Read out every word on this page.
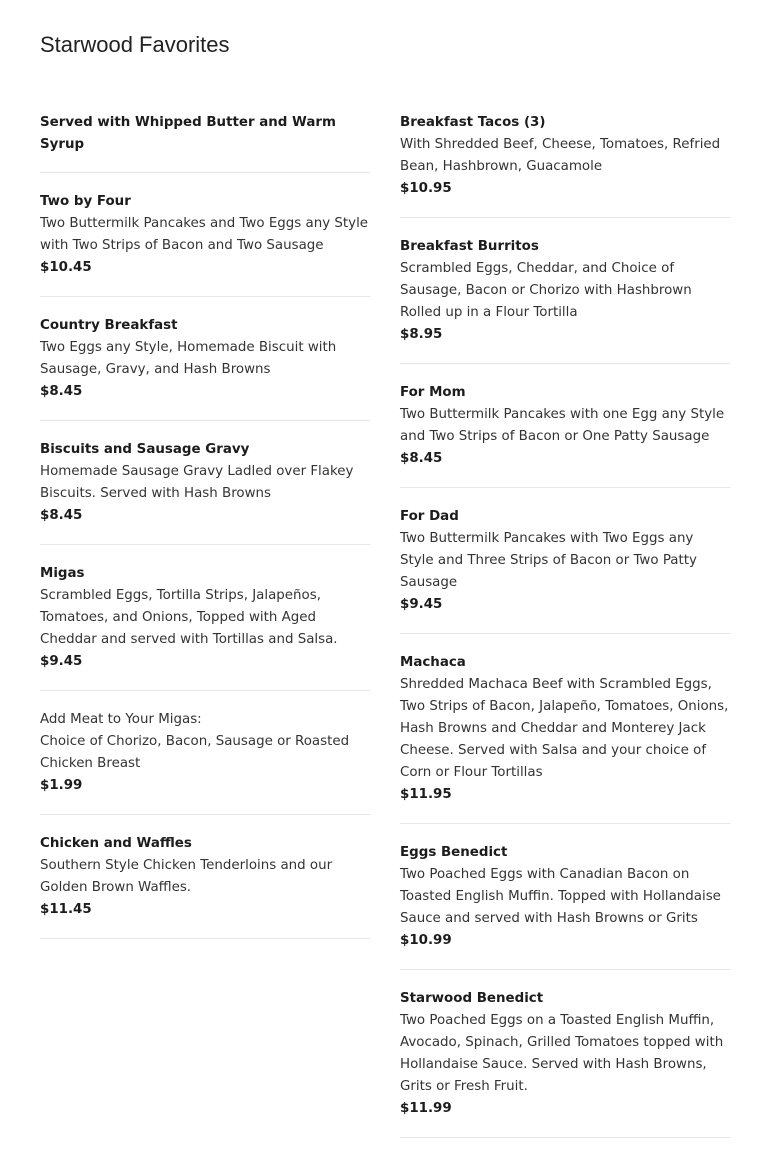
Starwood Favorites
Served with Whipped Butter and Warm Syrup
Two by Four
Two Buttermilk Pancakes and Two Eggs any Style with Two Strips of Bacon and Two Sausage
$10.45
Country Breakfast
Two Eggs any Style, Homemade Biscuit with Sausage, Gravy, and Hash Browns
$8.45
Biscuits and Sausage Gravy
Homemade Sausage Gravy Ladled over Flakey Biscuits. Served with Hash Browns
$8.45
Migas
Scrambled Eggs, Tortilla Strips, Jalapeños, Tomatoes, and Onions, Topped with Aged Cheddar and served with Tortillas and Salsa.
$9.45
Add Meat to Your Migas:
Choice of Chorizo, Bacon, Sausage or Roasted Chicken Breast
$1.99
Chicken and Waffles
Southern Style Chicken Tenderloins and our Golden Brown Waffles.
$11.45
Breakfast Tacos (3)
With Shredded Beef, Cheese, Tomatoes, Refried Bean, Hashbrown, Guacamole
$10.95
Breakfast Burritos
Scrambled Eggs, Cheddar, and Choice of Sausage, Bacon or Chorizo with Hashbrown Rolled up in a Flour Tortilla
$8.95
For Mom
Two Buttermilk Pancakes with one Egg any Style and Two Strips of Bacon or One Patty Sausage
$8.45
For Dad
Two Buttermilk Pancakes with Two Eggs any Style and Three Strips of Bacon or Two Patty Sausage
$9.45
Machaca
Shredded Machaca Beef with Scrambled Eggs, Two Strips of Bacon, Jalapeño, Tomatoes, Onions, Hash Browns and Cheddar and Monterey Jack Cheese. Served with Salsa and your choice of Corn or Flour Tortillas
$11.95
Eggs Benedict
Two Poached Eggs with Canadian Bacon on Toasted English Muffin. Topped with Hollandaise Sauce and served with Hash Browns or Grits
$10.99
Starwood Benedict
Two Poached Eggs on a Toasted English Muffin, Avocado, Spinach, Grilled Tomatoes topped with Hollandaise Sauce. Served with Hash Browns, Grits or Fresh Fruit.
$11.99
